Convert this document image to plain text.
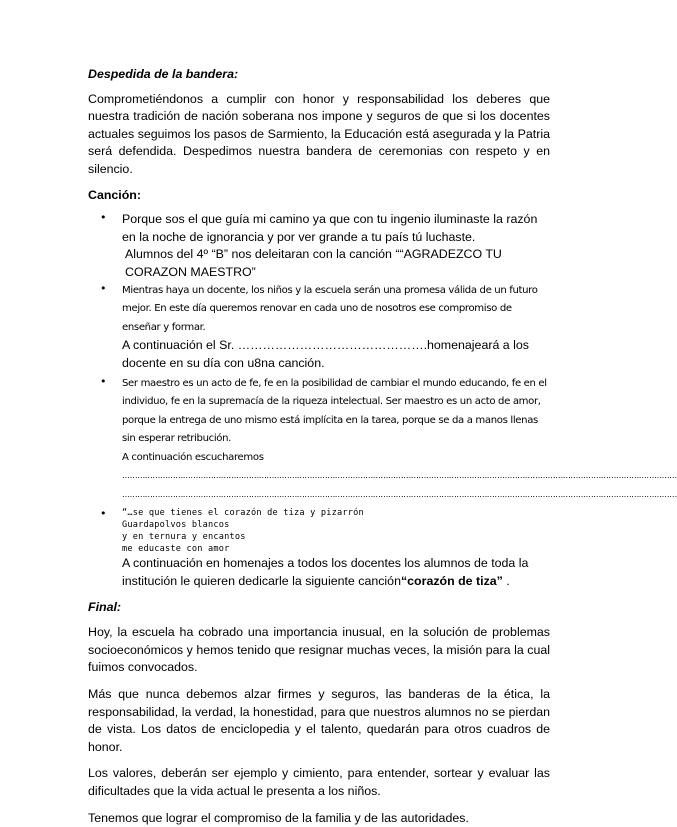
Despedida de la bandera:

Comprometiéndonos a cumplir con honor y responsabilidad los deberes que nuestra tradición de nación soberana nos impone y seguros de que si los docentes actuales seguimos los pasos de Sarmiento, la Educación está asegurada y la Patria será defendida. Despedimos nuestra bandera de ceremonias con respeto y en silencio.

Canción:

• Porque sos el que guía mi camino ya que con tu ingenio iluminaste la razón en la noche de ignorancia y por ver grande a tu país tú luchaste.

Alumnos del 4º “B” nos deleitaran con la canción ““AGRADEZCO TU CORAZON MAESTRO”

• Mientras haya un docente, los niños y la escuela serán una promesa válida de un futuro mejor. En este día queremos renovar en cada uno de nosotros ese compromiso de enseñar y formar.

A continuación el Sr. ……………………………………….homenajeará a los docente en su día con u8na canción.

• Ser maestro es un acto de fe, fe en la posibilidad de cambiar el mundo educando, fe en el individuo, fe en la supremacía de la riqueza intelectual. Ser maestro es un acto de amor, porque la entrega de uno mismo está implícita en la tarea, porque se da a manos llenas sin esperar retribución.

A continuación escucharemos

…………………………………………………………………………………………………………………………………………………………………………………………………

…………………………………………………………………………………………………………………………………………………………………………………………………

• “…se que tienes el corazón de tiza y pizarrón

Guardapolvos blancos

y en ternura y encantos

me educaste con amor

A continuación en homenajes a todos los docentes los alumnos de toda la institución le quieren dedicarle la siguiente canción“corazón de tiza” .

Final:

Hoy, la escuela ha cobrado una importancia inusual, en la solución de problemas socioeconómicos y hemos tenido que resignar muchas veces, la misión para la cual fuimos convocados.

Más que nunca debemos alzar firmes y seguros, las banderas de la ética, la responsabilidad, la verdad, la honestidad, para que nuestros alumnos no se pierdan de vista. Los datos de enciclopedia y el talento, quedarán para otros cuadros de honor.

Los valores, deberán ser ejemplo y cimiento, para entender, sortear y evaluar las dificultades que la vida actual le presenta a los niños.

Tenemos que lograr el compromiso de la familia y de las autoridades.
